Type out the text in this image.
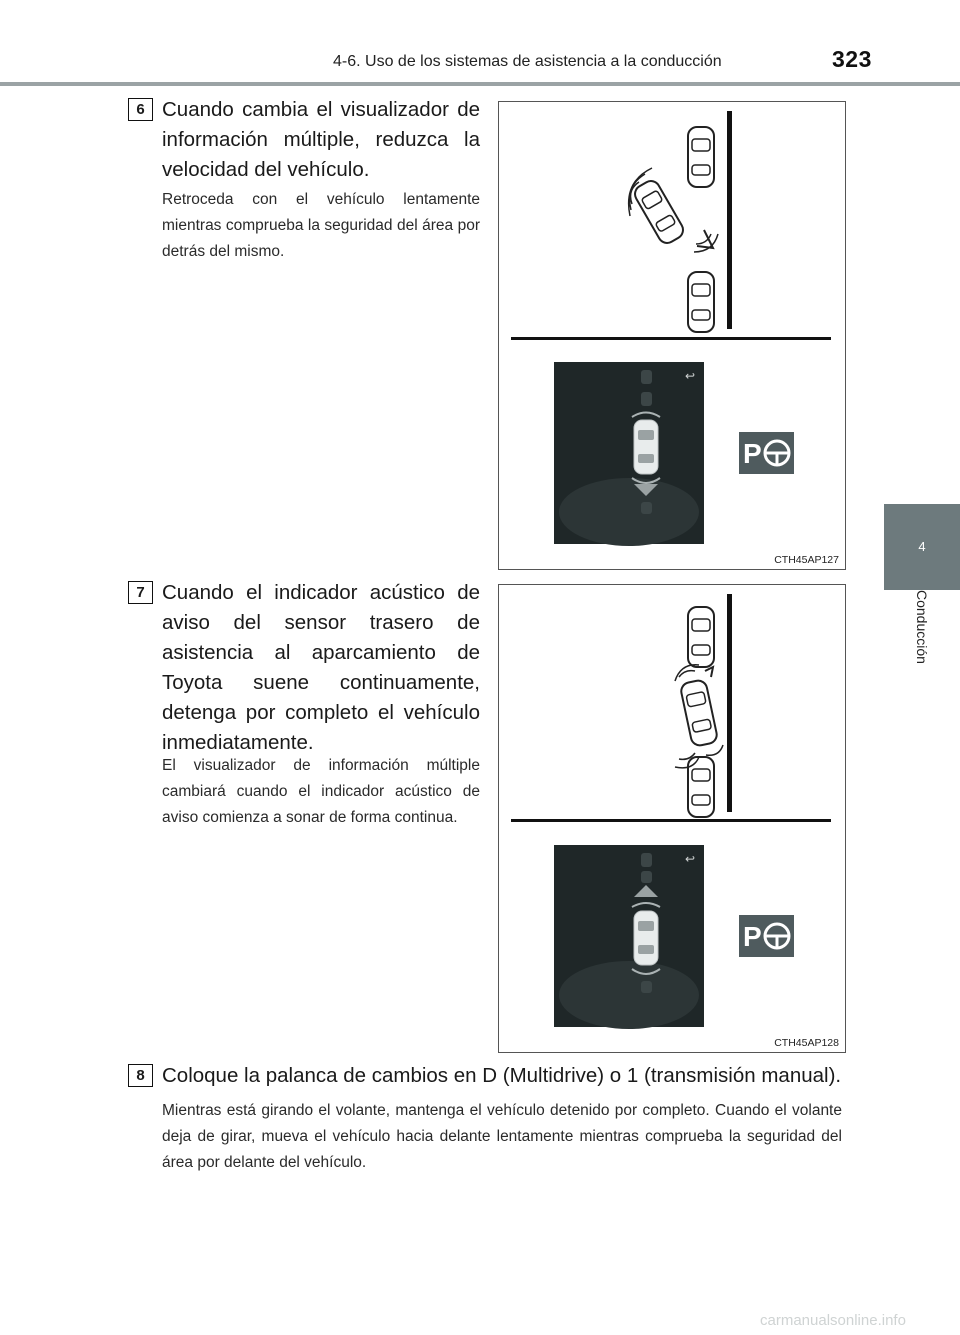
4-6. Uso de los sistemas de asistencia a la conducción	323
4
Conducción
6 Cuando cambia el visualizador de información múltiple, reduzca la velocidad del vehículo.
Retroceda con el vehículo lentamente mientras comprueba la seguridad del área por detrás del mismo.
↩
P
CTH45AP127
7 Cuando el indicador acústico de aviso del sensor trasero de asistencia al aparcamiento de Toyota suene continuamente, detenga por completo el vehículo inmediatamente.
El visualizador de información múltiple cambiará cuando el indicador acústico de aviso comienza a sonar de forma continua.
↩
P
CTH45AP128
8 Coloque la palanca de cambios en D (Multidrive) o 1 (transmisión manual).
Mientras está girando el volante, mantenga el vehículo detenido por completo. Cuando el volante deja de girar, mueva el vehículo hacia delante lentamente mientras comprueba la seguridad del área por delante del vehículo.
carmanualsonline.info
